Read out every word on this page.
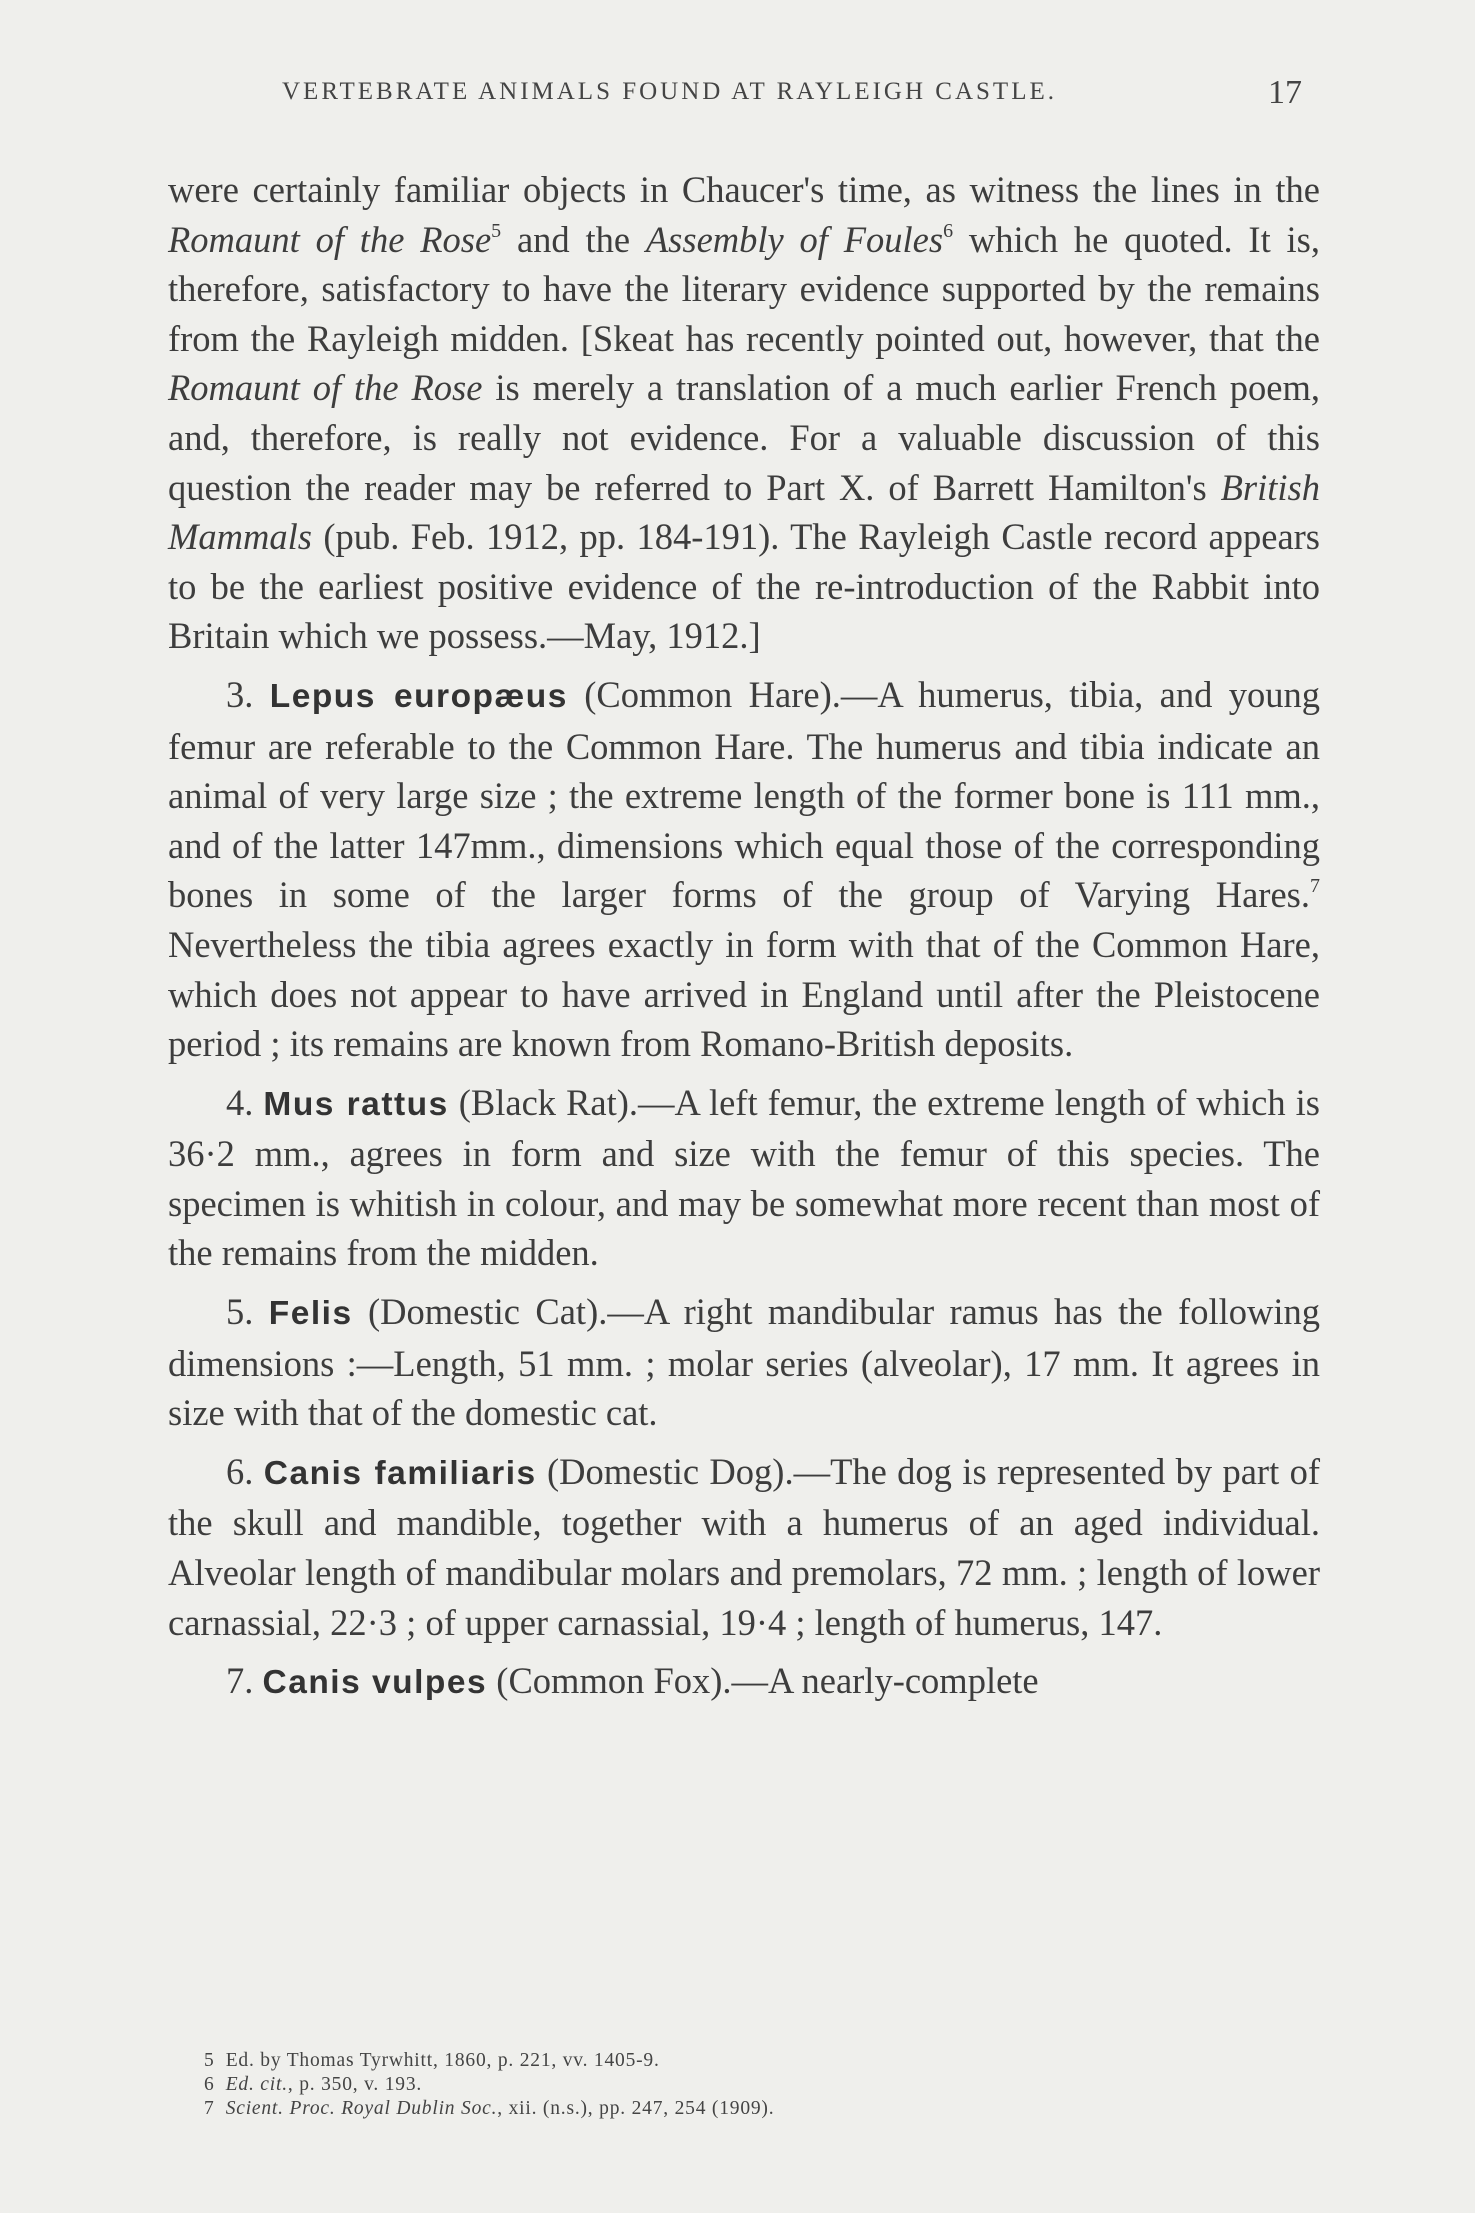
VERTEBRATE ANIMALS FOUND AT RAYLEIGH CASTLE.	17

were certainly familiar objects in Chaucer's time, as witness the lines in the Romaunt of the Rose$^5$ and the Assembly of Foules$^6$ which he quoted. It is, therefore, satisfactory to have the literary evidence supported by the remains from the Rayleigh midden. [Skeat has recently pointed out, however, that the Romaunt of the Rose is merely a translation of a much earlier French poem, and, therefore, is really not evidence. For a valuable discussion of this question the reader may be referred to Part X. of Barrett Hamilton's British Mammals (pub. Feb. 1912, pp. 184-191). The Rayleigh Castle record appears to be the earliest positive evidence of the re-introduction of the Rabbit into Britain which we possess.—May, 1912.]

3. Lepus europæus (Common Hare).—A humerus, tibia, and young femur are referable to the Common Hare. The humerus and tibia indicate an animal of very large size ; the extreme length of the former bone is 111 mm., and of the latter 147mm., dimensions which equal those of the corresponding bones in some of the larger forms of the group of Varying Hares.$^7$ Nevertheless the tibia agrees exactly in form with that of the Common Hare, which does not appear to have arrived in England until after the Pleistocene period ; its remains are known from Romano-British deposits.

4. Mus rattus (Black Rat).—A left femur, the extreme length of which is 36·2 mm., agrees in form and size with the femur of this species. The specimen is whitish in colour, and may be somewhat more recent than most of the remains from the midden.

5. Felis (Domestic Cat).—A right mandibular ramus has the following dimensions :—Length, 51 mm. ; molar series (alveolar), 17 mm. It agrees in size with that of the domestic cat.

6. Canis familiaris (Domestic Dog).—The dog is represented by part of the skull and mandible, together with a humerus of an aged individual. Alveolar length of mandibular molars and premolars, 72 mm. ; length of lower carnassial, 22·3 ; of upper carnassial, 19·4 ; length of humerus, 147.

7. Canis vulpes (Common Fox).—A nearly-complete

5 Ed. by Thomas Tyrwhitt, 1860, p. 221, vv. 1405-9.
6 Ed. cit., p. 350, v. 193.
7 Scient. Proc. Royal Dublin Soc., xii. (n.s.), pp. 247, 254 (1909).
